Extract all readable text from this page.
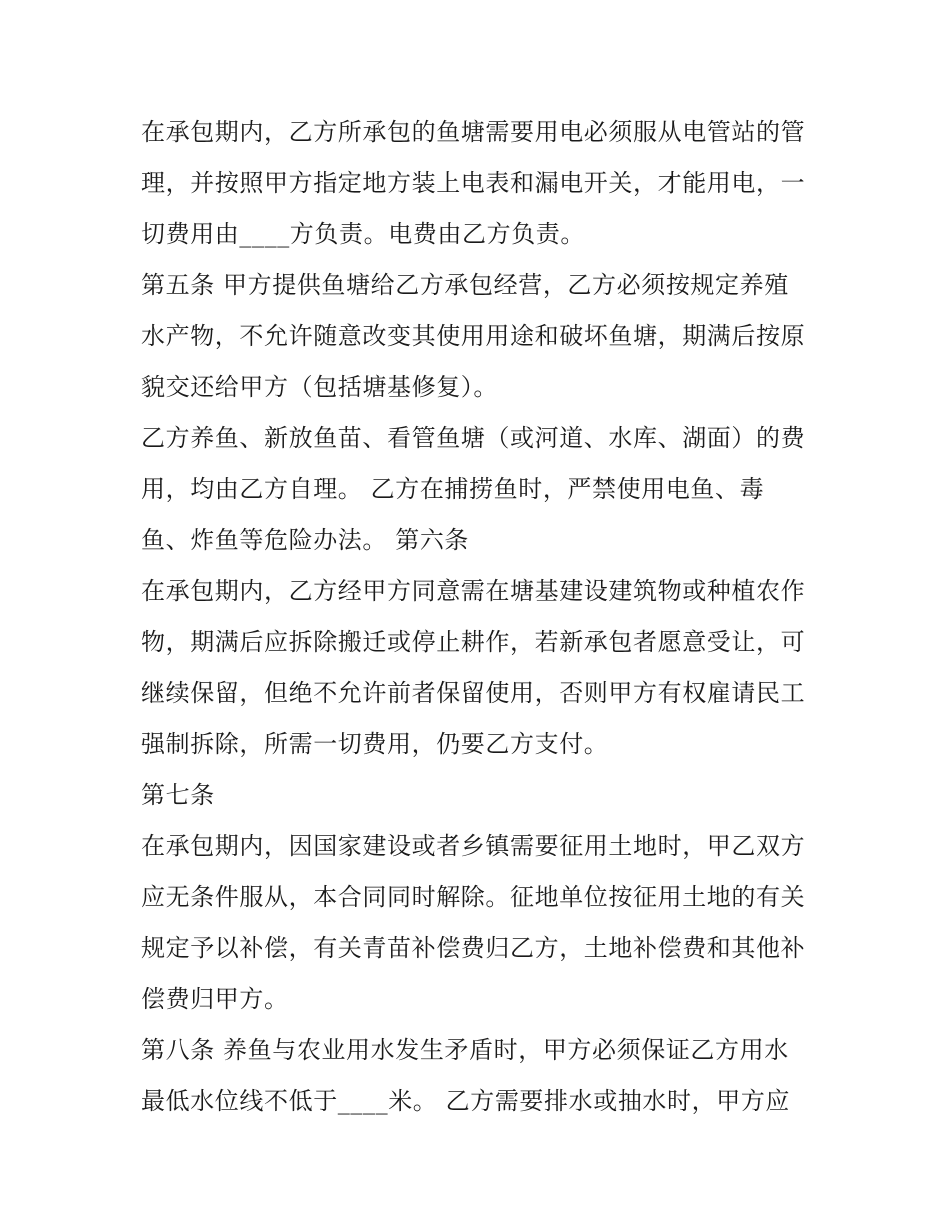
在承包期内，乙方所承包的鱼塘需要用电必须服从电管站的管
理，并按照甲方指定地方装上电表和漏电开关，才能用电，一
切费用由____方负责。电费由乙方负责。
第五条 甲方提供鱼塘给乙方承包经营，乙方必须按规定养殖
水产物，不允许随意改变其使用用途和破坏鱼塘，期满后按原
貌交还给甲方（包括塘基修复）。
乙方养鱼、新放鱼苗、看管鱼塘（或河道、水库、湖面）的费
用，均由乙方自理。 乙方在捕捞鱼时，严禁使用电鱼、毒
鱼、炸鱼等危险办法。 第六条
在承包期内，乙方经甲方同意需在塘基建设建筑物或种植农作
物，期满后应拆除搬迁或停止耕作，若新承包者愿意受让，可
继续保留，但绝不允许前者保留使用，否则甲方有权雇请民工
强制拆除，所需一切费用，仍要乙方支付。
第七条
在承包期内，因国家建设或者乡镇需要征用土地时，甲乙双方
应无条件服从，本合同同时解除。征地单位按征用土地的有关
规定予以补偿，有关青苗补偿费归乙方，土地补偿费和其他补
偿费归甲方。
第八条 养鱼与农业用水发生矛盾时，甲方必须保证乙方用水
最低水位线不低于____米。 乙方需要排水或抽水时，甲方应
